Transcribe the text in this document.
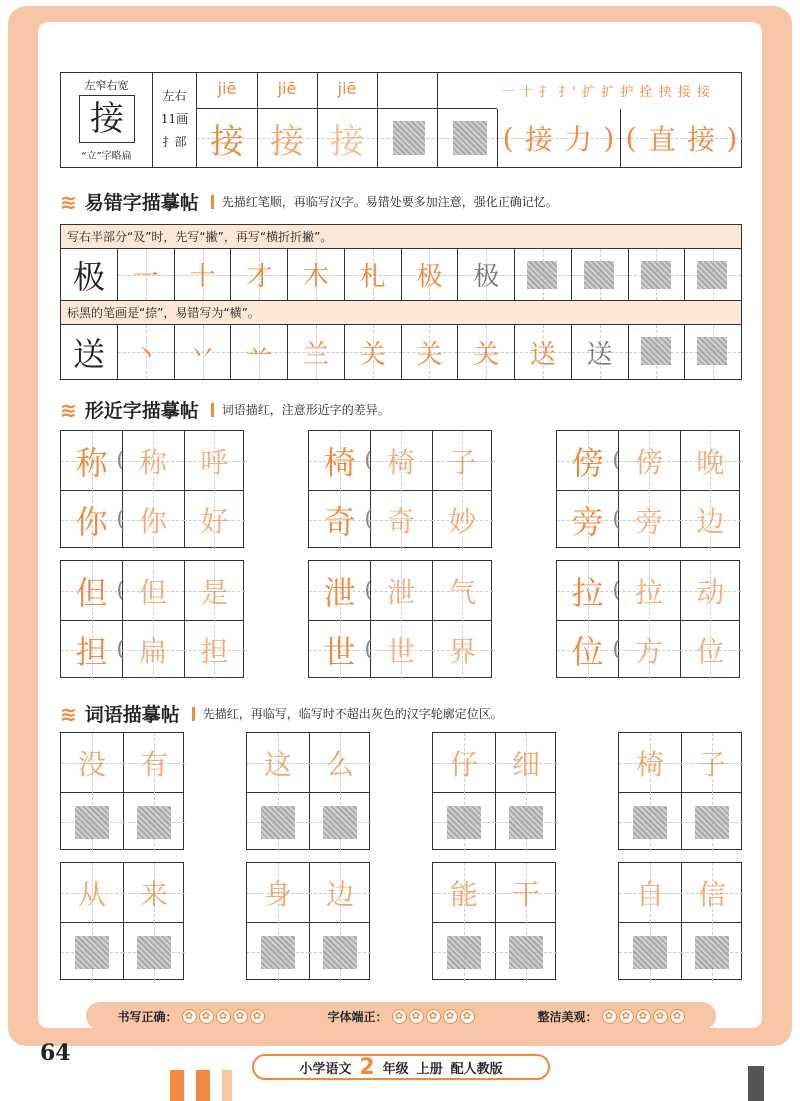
左窄右宽
接
“立”字略扁
左右
11画
扌部
jiē	jiē	jiē	一 十 扌 扌' 扩 扩 护 拴 挟 接 接
接 接 接	( 接 力 ) ( 直 接 )
≋ 易错字描摹帖 先描红笔顺，再临写汉字。易错处要多加注意，强化正确记忆。
写右半部分“及”时，先写“撇”，再写“横折折撇”。
极	一	十	才	木	札	极	极
标黑的笔画是“捺”，易错写为“横”。
送	丶	丷	䒑	兰	关	关	关	送	送
≋ 形近字描摹帖 词语描红，注意形近字的差异。
称	称	呼
(
你	你	好
(
椅	椅	子
(
奇	奇	妙
(
傍	傍	晚
(
旁	旁	边
(
但	但	是
(
担	扁	担
(
泄	泄	气
(
世	世	界
(
拉	拉	动
(
位	方	位
(
≋ 词语描摹帖 先描红，再临写，临写时不超出灰色的汉字轮廓定位区。
没	有	这	么	仔	细	椅	子
从	来	身	边	能	干	自	信
书写正确： ✿ ✿ ✿ ✿ ✿	字体端正： ✿ ✿ ✿ ✿ ✿	整洁美观： ✿ ✿ ✿ ✿ ✿
64
小学语文 2 年级 上册 配人教版
